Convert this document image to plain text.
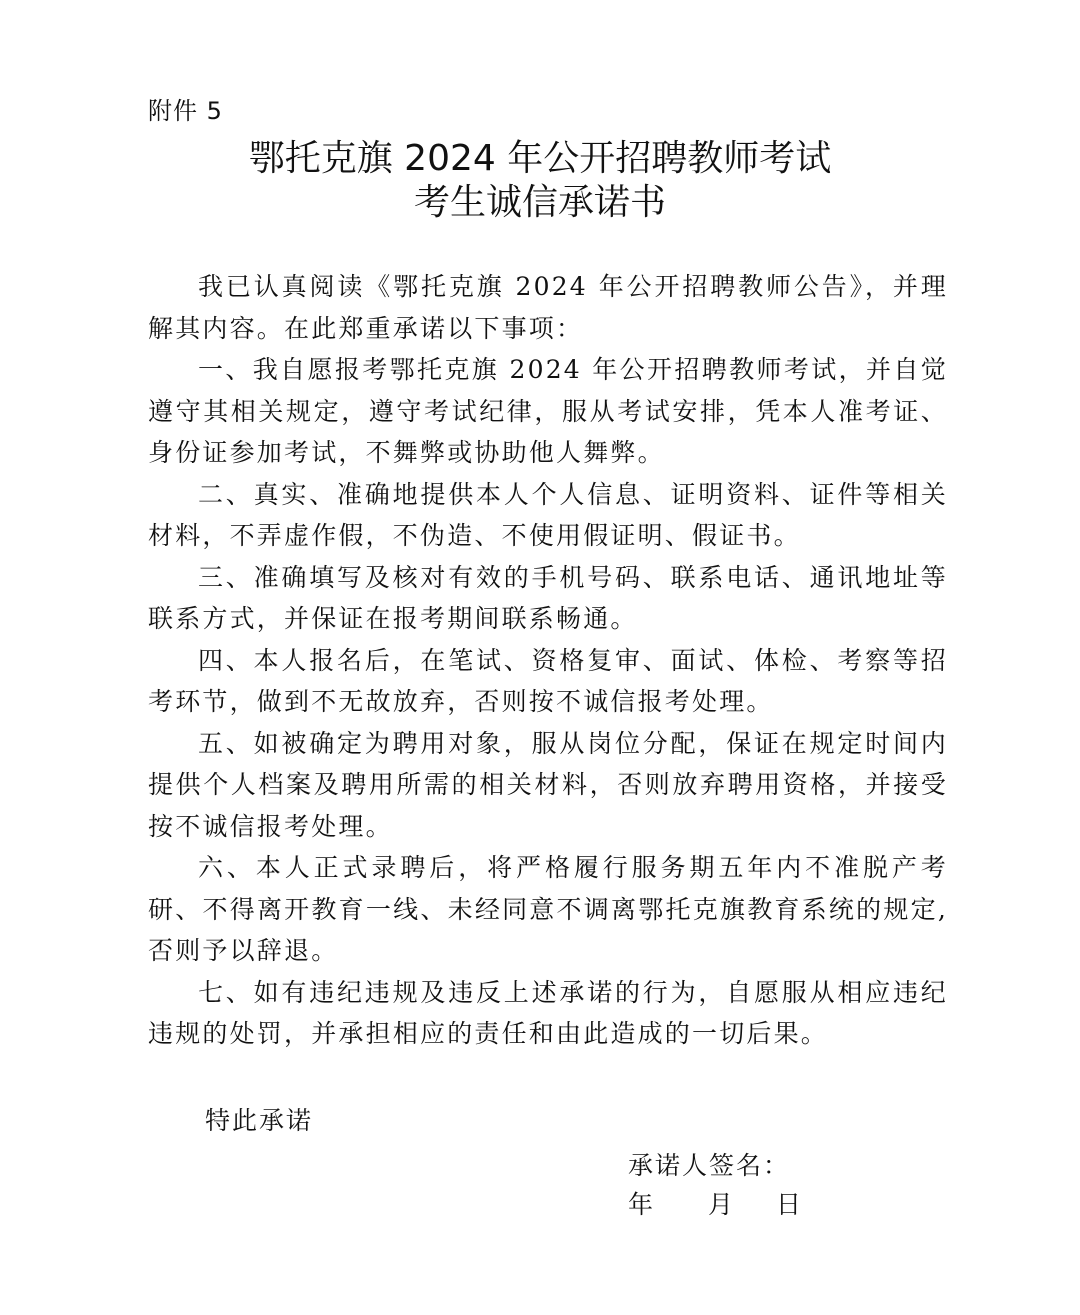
附件 5
鄂托克旗 2024 年公开招聘教师考试
考生诚信承诺书

我已认真阅读《鄂托克旗 2024 年公开招聘教师公告》，并理解其内容。在此郑重承诺以下事项：

一、我自愿报考鄂托克旗 2024 年公开招聘教师考试，并自觉遵守其相关规定，遵守考试纪律，服从考试安排，凭本人准考证、身份证参加考试，不舞弊或协助他人舞弊。

二、真实、准确地提供本人个人信息、证明资料、证件等相关材料，不弄虚作假，不伪造、不使用假证明、假证书。

三、准确填写及核对有效的手机号码、联系电话、通讯地址等联系方式，并保证在报考期间联系畅通。

四、本人报名后，在笔试、资格复审、面试、体检、考察等招考环节，做到不无故放弃，否则按不诚信报考处理。

五、如被确定为聘用对象，服从岗位分配，保证在规定时间内提供个人档案及聘用所需的相关材料，否则放弃聘用资格，并接受按不诚信报考处理。

六、本人正式录聘后，将严格履行服务期五年内不准脱产考研、不得离开教育一线、未经同意不调离鄂托克旗教育系统的规定,否则予以辞退。

七、如有违纪违规及违反上述承诺的行为，自愿服从相应违纪违规的处罚，并承担相应的责任和由此造成的一切后果。

特此承诺
承诺人签名：
年 月 日
